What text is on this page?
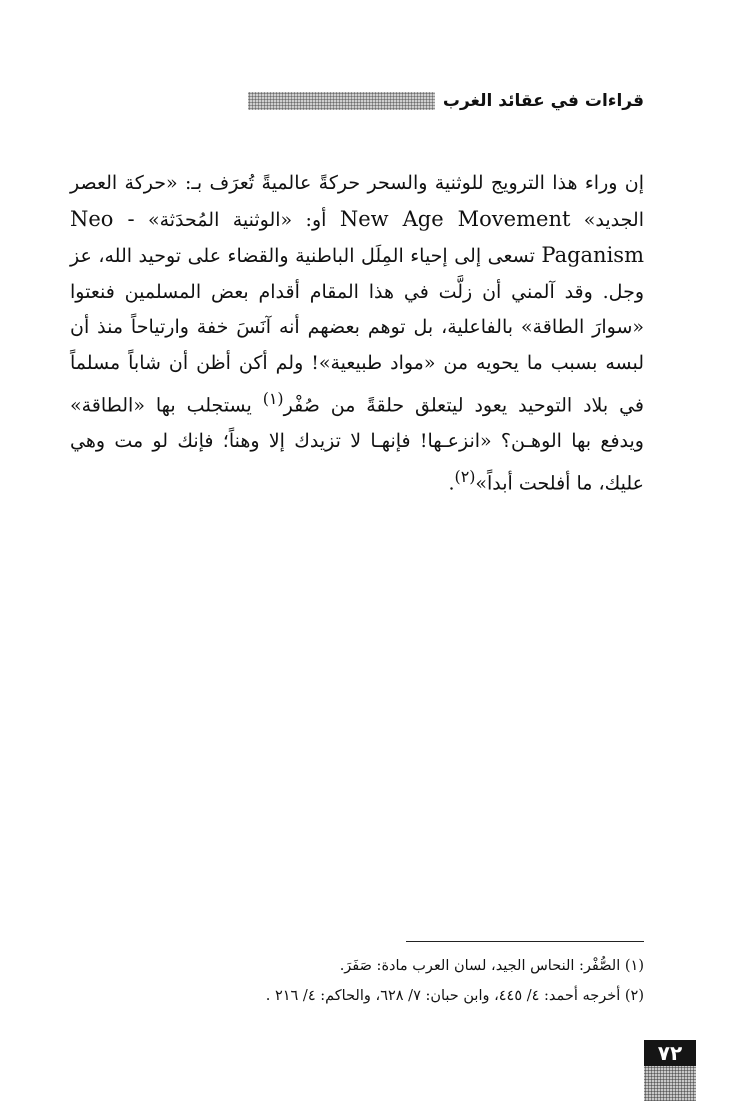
قراءات في عقائد الغرب

إن وراء هذا الترويج للوثنية والسحر حركةً عالميةً تُعرَف بـ: «حركة العصر الجديد» New Age Movement أو: «الوثنية المُحدَثة» Neo - Paganism تسعى إلى إحياء المِلَل الباطنية والقضاء على توحيد الله، عز وجل. وقد آلمني أن زلَّت في هذا المقام أقدام بعض المسلمين فنعتوا «سوارَ الطاقة» بالفاعلية، بل توهم بعضهم أنه آنَسَ خفة وارتياحاً منذ أن لبسه بسبب ما يحويه من «مواد طبيعية»! ولم أكن أظن أن شاباً مسلماً في بلاد التوحيد يعود ليتعلق حلقةً من صُفْر$^{(١)}$ يستجلب بها «الطاقة» ويدفع بها الوهـن؟ «انزعـها! فإنهـا لا تزيدك إلا وهناً؛ فإنك لو مت وهي عليك، ما أفلحت أبداً»$^{(٢)}$.

(١) الصُّفْر: النحاس الجيد، لسان العرب مادة: صَفَرَ.

(٢) أخرجه أحمد: ٤/ ٤٤٥، وابن حبان: ٧/ ٦٢٨، والحاكم: ٤/ ٢١٦ .

٧٢
